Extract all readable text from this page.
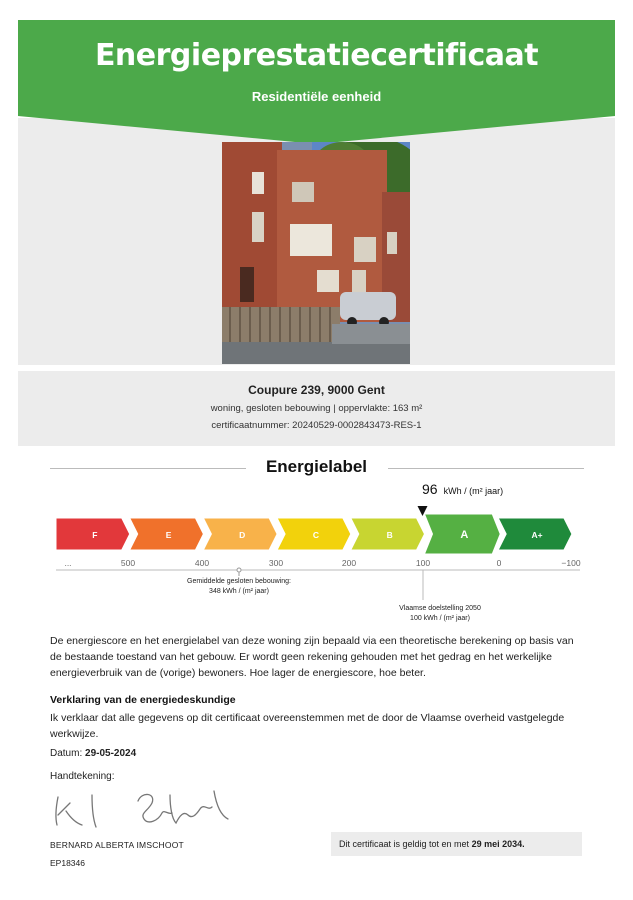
Energieprestatiecertificaat
Residentiële eenheid
Coupure 239, 9000 Gent
woning, gesloten bebouwing | oppervlakte: 163 m²
certificaatnummer: 20240529-0002843473-RES-1
Energielabel
96 kWh / (m² jaar)
F	E	D	C	B	A	A+
...	500	400	300	200	100	0	−100
Gemiddelde gesloten bebouwing:
348 kWh / (m² jaar)
Vlaamse doelstelling 2050
100 kWh / (m² jaar)
De energiescore en het energielabel van deze woning zijn bepaald via een theoretische berekening op basis van de bestaande toestand van het gebouw. Er wordt geen rekening gehouden met het gedrag en het werkelijke energieverbruik van de (vorige) bewoners. Hoe lager de energiescore, hoe beter.
Verklaring van de energiedeskundige
Ik verklaar dat alle gegevens op dit certificaat overeenstemmen met de door de Vlaamse overheid vastgelegde werkwijze.
Datum: 29-05-2024
Handtekening:
BERNARD ALBERTA IMSCHOOT
EP18346
Dit certificaat is geldig tot en met 29 mei 2034.
